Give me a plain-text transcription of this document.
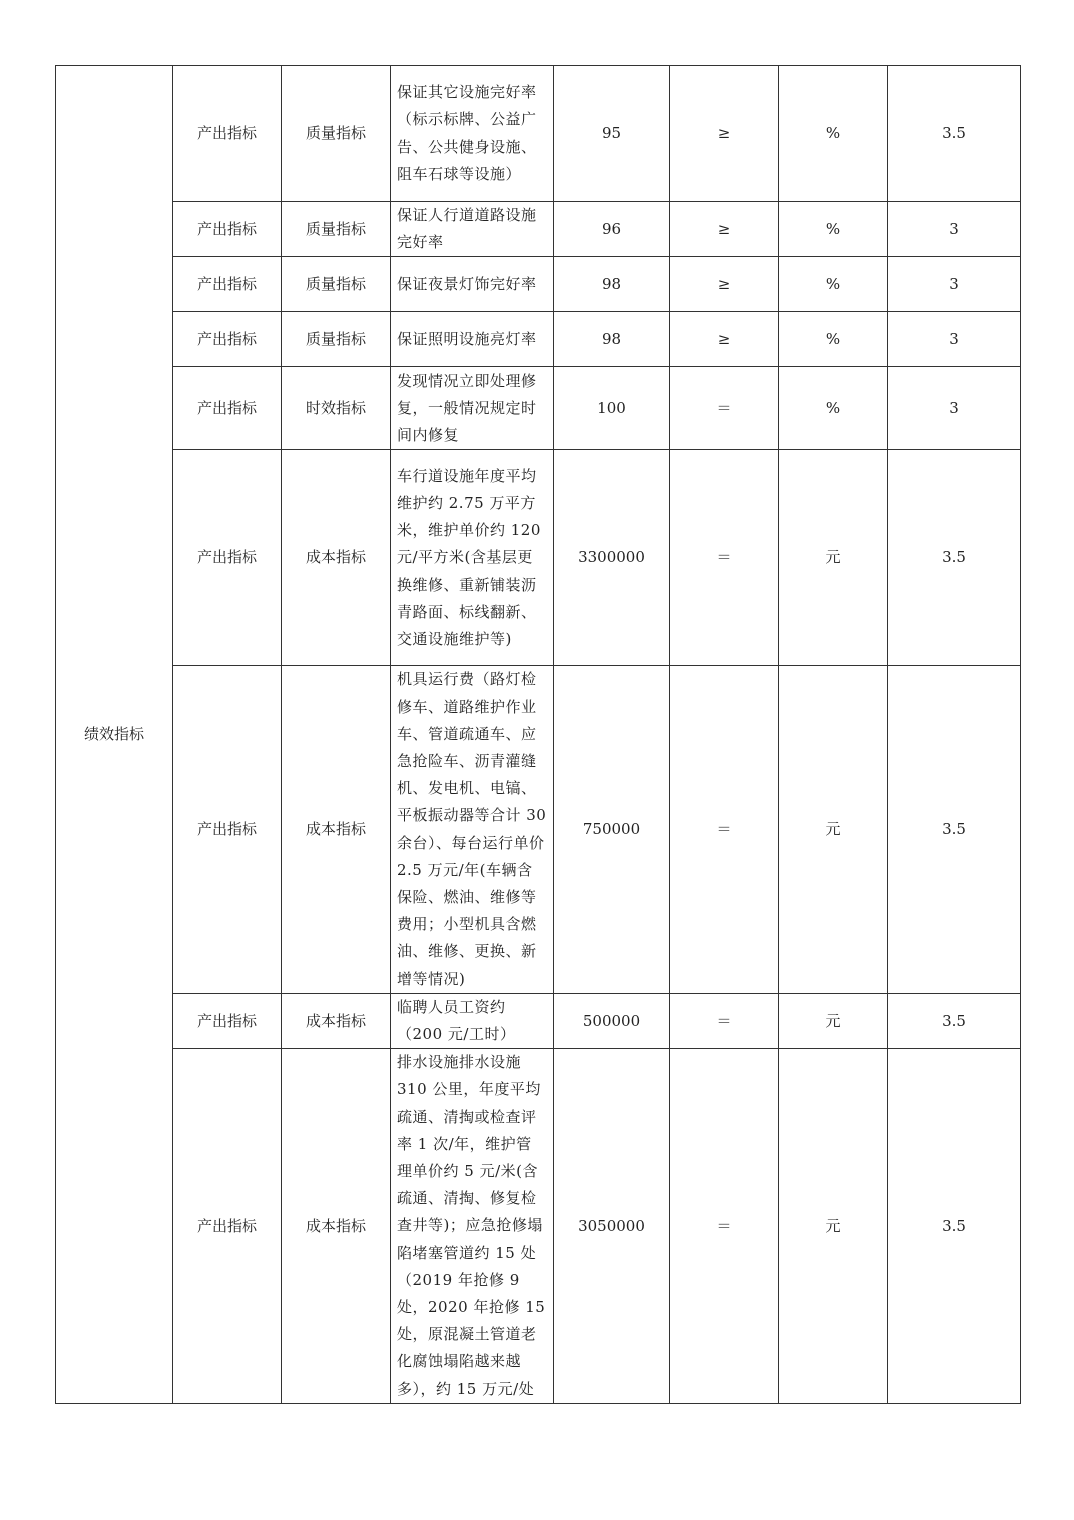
绩效指标	产出指标	质量指标	保证其它设施完好率（标示标牌、公益广告、公共健身设施、阻车石球等设施）	95	≥	%	3.5
	产出指标	质量指标	保证人行道道路设施完好率	96	≥	%	3
	产出指标	质量指标	保证夜景灯饰完好率	98	≥	%	3
	产出指标	质量指标	保证照明设施亮灯率	98	≥	%	3
	产出指标	时效指标	发现情况立即处理修复，一般情况规定时间内修复	100	＝	%	3
	产出指标	成本指标	车行道设施年度平均维护约 2.75 万平方米，维护单价约 120 元/平方米(含基层更换维修、重新铺装沥青路面、标线翻新、交通设施维护等)	3300000	＝	元	3.5
	产出指标	成本指标	机具运行费（路灯检修车、道路维护作业车、管道疏通车、应急抢险车、沥青灌缝机、发电机、电镐、平板振动器等合计 30 余台）、每台运行单价 2.5 万元/年(车辆含保险、燃油、维修等费用；小型机具含燃油、维修、更换、新增等情况)	750000	＝	元	3.5
	产出指标	成本指标	临聘人员工资约（200 元/工时）	500000	＝	元	3.5
	产出指标	成本指标	排水设施排水设施 310 公里，年度平均疏通、清掏或检查评率 1 次/年，维护管理单价约 5 元/米(含疏通、清掏、修复检查井等)；应急抢修塌陷堵塞管道约 15 处（2019 年抢修 9 处，2020 年抢修 15 处，原混凝土管道老化腐蚀塌陷越来越多），约 15 万元/处	3050000	＝	元	3.5
